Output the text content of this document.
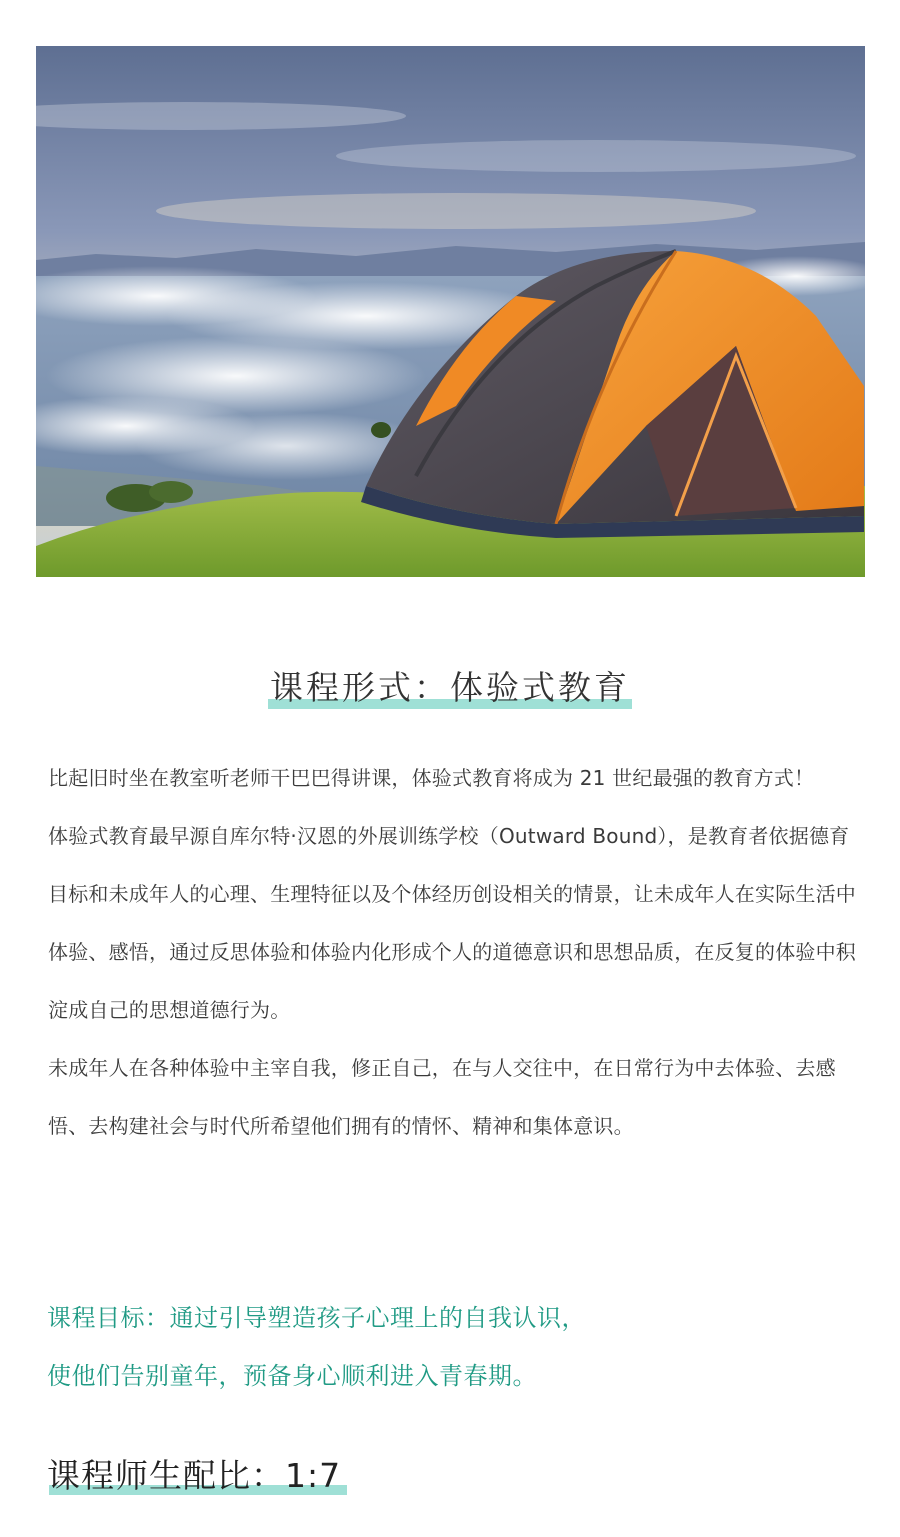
课程形式：体验式教育

比起旧时坐在教室听老师干巴巴得讲课，体验式教育将成为 21 世纪最强的教育方式！

体验式教育最早源自库尔特·汉恩的外展训练学校（Outward Bound），是教育者依据德育目标和未成年人的心理、生理特征以及个体经历创设相关的情景，让未成年人在实际生活中体验、感悟，通过反思体验和体验内化形成个人的道德意识和思想品质，在反复的体验中积淀成自己的思想道德行为。

未成年人在各种体验中主宰自我，修正自己，在与人交往中，在日常行为中去体验、去感悟、去构建社会与时代所希望他们拥有的情怀、精神和集体意识。

课程目标：通过引导塑造孩子心理上的自我认识，
使他们告别童年，预备身心顺利进入青春期。
课程师生配比：1:7
